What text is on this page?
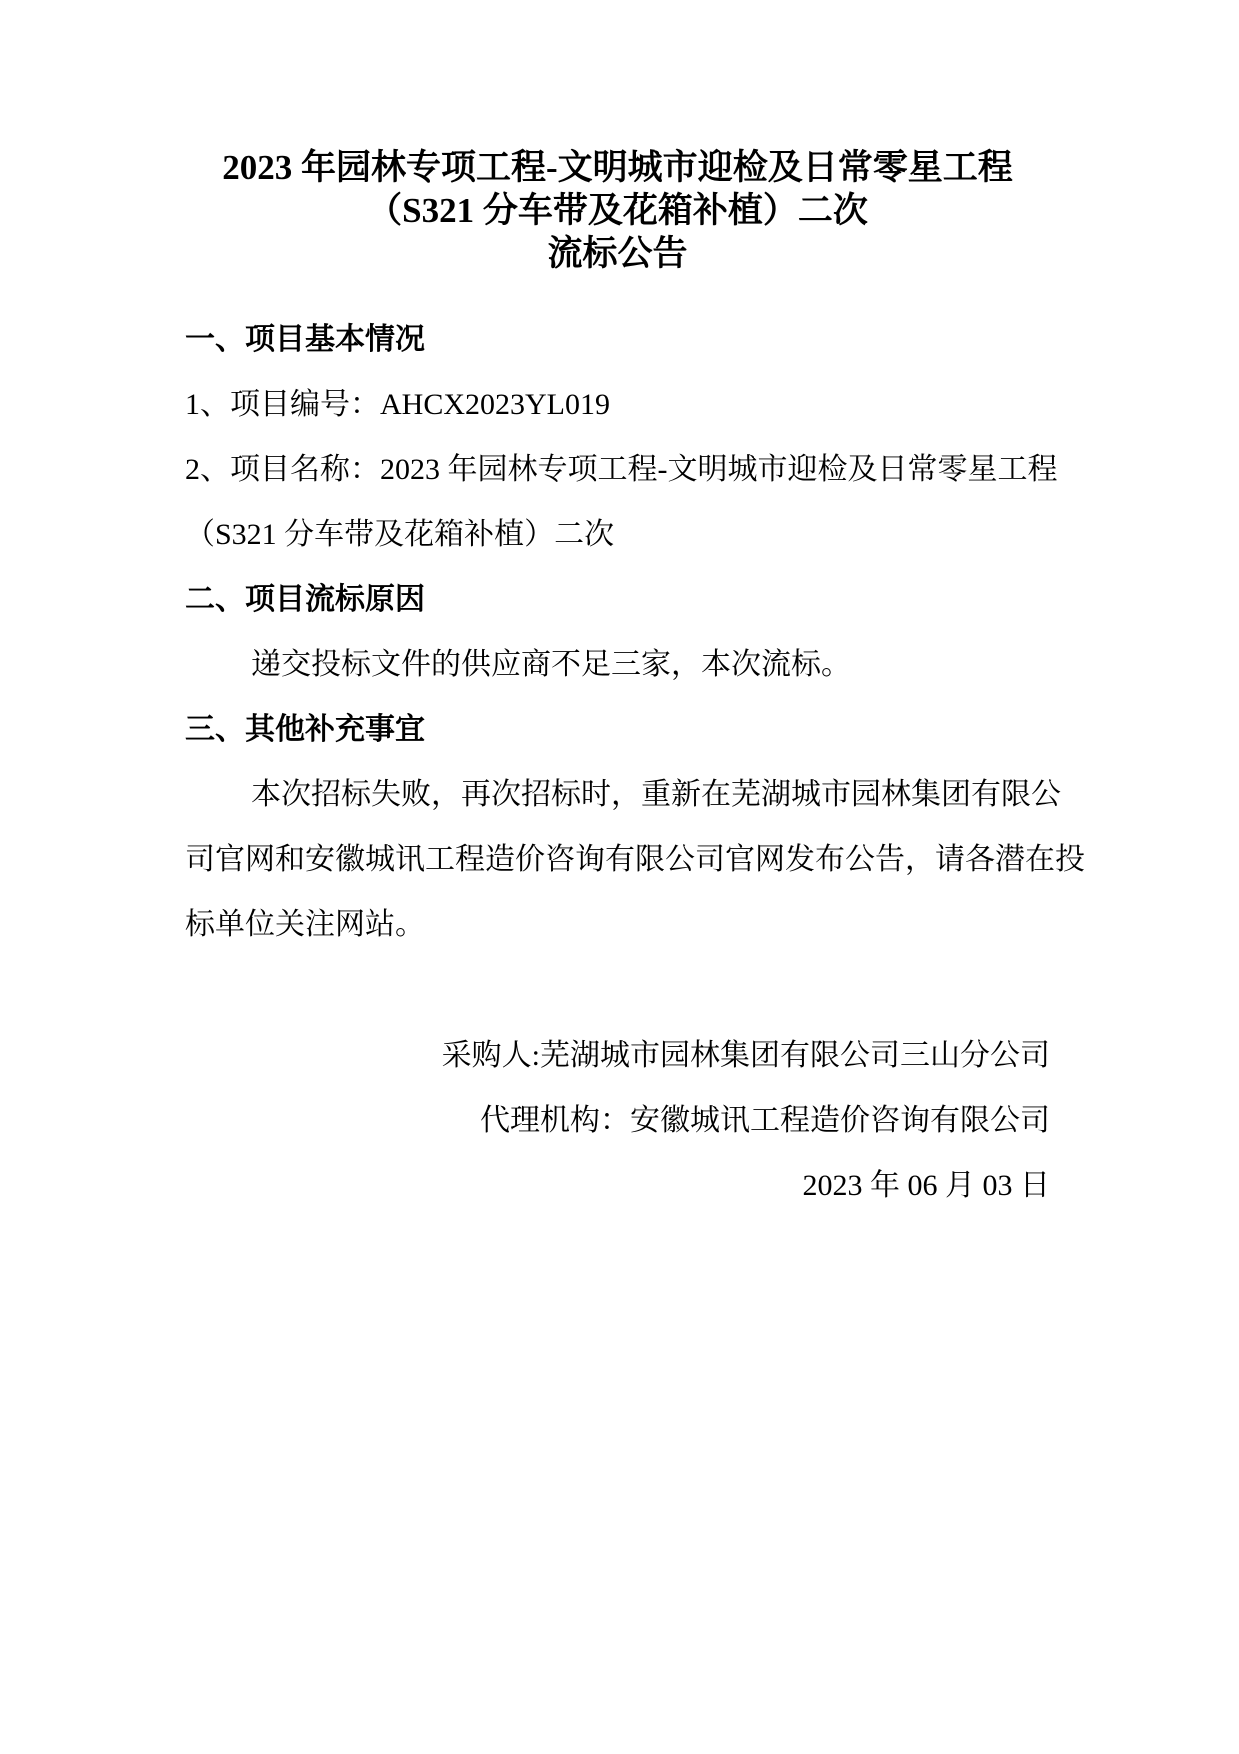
2023 年园林专项工程-文明城市迎检及日常零星工程

（S321 分车带及花箱补植）二次

流标公告

一、项目基本情况

1、项目编号：AHCX2023YL019

2、项目名称：2023 年园林专项工程-文明城市迎检及日常零星工程

（S321 分车带及花箱补植）二次

二、项目流标原因

递交投标文件的供应商不足三家，本次流标。

三、其他补充事宜

本次招标失败，再次招标时，重新在芜湖城市园林集团有限公

司官网和安徽城讯工程造价咨询有限公司官网发布公告，请各潜在投

标单位关注网站。

采购人:芜湖城市园林集团有限公司三山分公司

代理机构：安徽城讯工程造价咨询有限公司

2023 年 06 月 03 日
